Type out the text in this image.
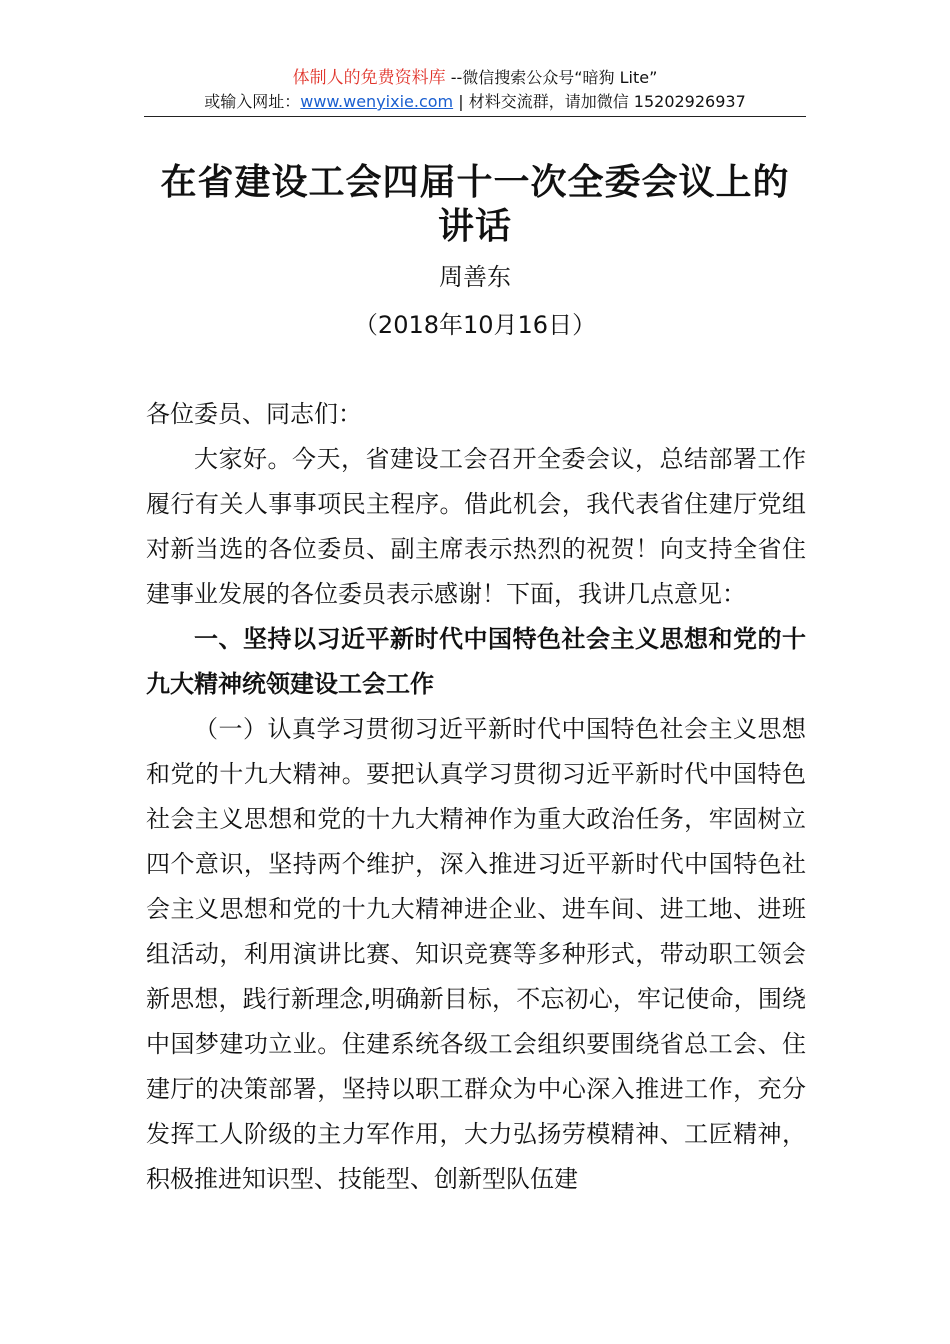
体制人的免费资料库 --微信搜索公众号“暗狗 Lite”
或输入网址：www.wenyixie.com | 材料交流群，请加微信 15202926937
在省建设工会四届十一次全委会议上的讲话
周善东
（2018年10月16日）

各位委员、同志们：

大家好。今天，省建设工会召开全委会议，总结部署工作履行有关人事事项民主程序。借此机会，我代表省住建厅党组对新当选的各位委员、副主席表示热烈的祝贺！向支持全省住建事业发展的各位委员表示感谢！下面，我讲几点意见：

一、坚持以习近平新时代中国特色社会主义思想和党的十九大精神统领建设工会工作

（一）认真学习贯彻习近平新时代中国特色社会主义思想和党的十九大精神。要把认真学习贯彻习近平新时代中国特色社会主义思想和党的十九大精神作为重大政治任务，牢固树立四个意识，坚持两个维护，深入推进习近平新时代中国特色社会主义思想和党的十九大精神进企业、进车间、进工地、进班组活动，利用演讲比赛、知识竞赛等多种形式，带动职工领会新思想，践行新理念,明确新目标，不忘初心，牢记使命，围绕中国梦建功立业。住建系统各级工会组织要围绕省总工会、住建厅的决策部署，坚持以职工群众为中心深入推进工作，充分发挥工人阶级的主力军作用，大力弘扬劳模精神、工匠精神，积极推进知识型、技能型、创新型队伍建
